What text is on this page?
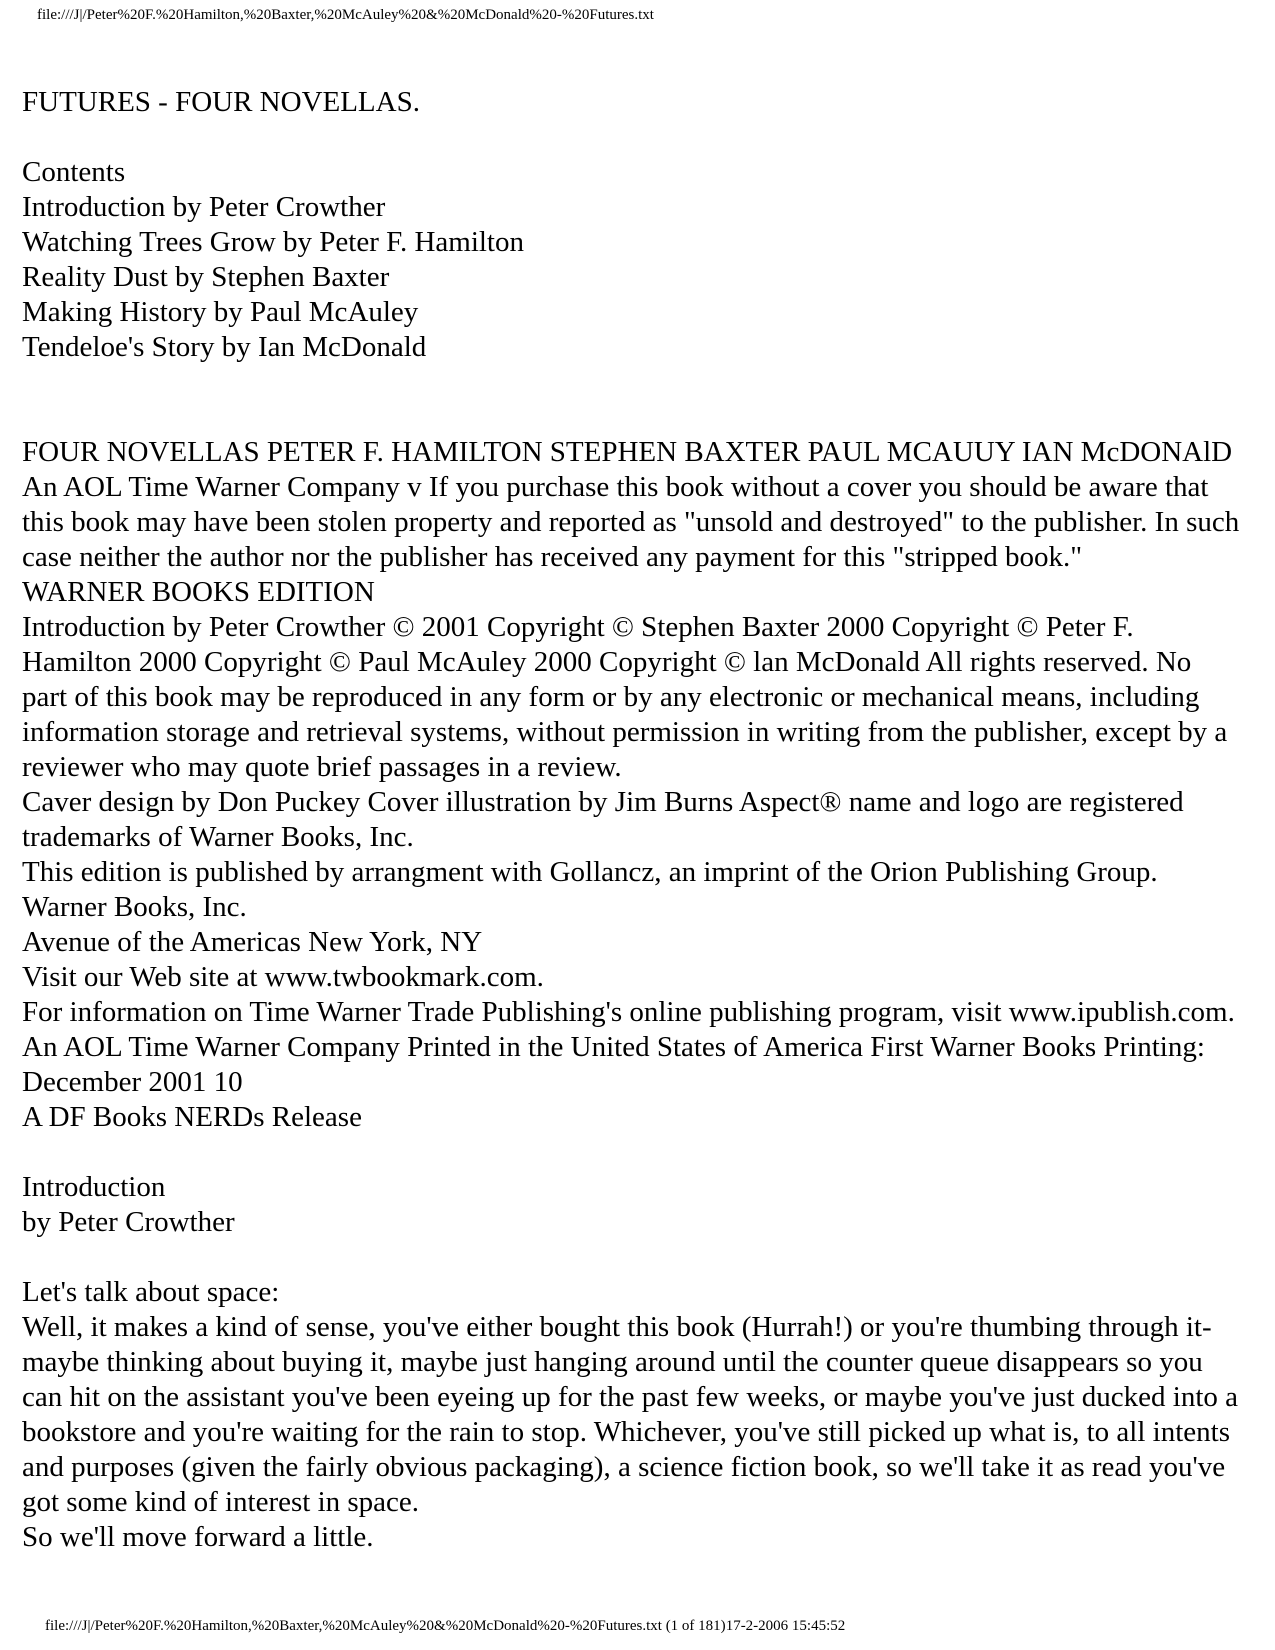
file:///J|/Peter%20F.%20Hamilton,%20Baxter,%20McAuley%20&%20McDonald%20-%20Futures.txt
FUTURES - FOUR NOVELLAS.
Contents
Introduction by Peter Crowther
Watching Trees Grow by Peter F. Hamilton
Reality Dust by Stephen Baxter
Making History by Paul McAuley
Tendeloe's Story by Ian McDonald
FOUR NOVELLAS PETER F. HAMILTON STEPHEN BAXTER PAUL MCAUUY IAN McDONAlD
An AOL Time Warner Company v If you purchase this book without a cover you should be aware that
this book may have been stolen property and reported as "unsold and destroyed" to the publisher. In such
case neither the author nor the publisher has received any payment for this "stripped book."
WARNER BOOKS EDITION
Introduction by Peter Crowther © 2001 Copyright © Stephen Baxter 2000 Copyright © Peter F.
Hamilton 2000 Copyright © Paul McAuley 2000 Copyright © lan McDonald All rights reserved. No
part of this book may be reproduced in any form or by any electronic or mechanical means, including
information storage and retrieval systems, without permission in writing from the publisher, except by a
reviewer who may quote brief passages in a review.
Caver design by Don Puckey Cover illustration by Jim Burns Aspect® name and logo are registered
trademarks of Warner Books, Inc.
This edition is published by arrangment with Gollancz, an imprint of the Orion Publishing Group.
Warner Books, Inc.
Avenue of the Americas New York, NY
Visit our Web site at www.twbookmark.com.
For information on Time Warner Trade Publishing's online publishing program, visit www.ipublish.com.
An AOL Time Warner Company Printed in the United States of America First Warner Books Printing:
December 2001 10
A DF Books NERDs Release
Introduction
by Peter Crowther
Let's talk about space:
Well, it makes a kind of sense, you've either bought this book (Hurrah!) or you're thumbing through it-
maybe thinking about buying it, maybe just hanging around until the counter queue disappears so you
can hit on the assistant you've been eyeing up for the past few weeks, or maybe you've just ducked into a
bookstore and you're waiting for the rain to stop. Whichever, you've still picked up what is, to all intents
and purposes (given the fairly obvious packaging), a science fiction book, so we'll take it as read you've
got some kind of interest in space.
So we'll move forward a little.
file:///J|/Peter%20F.%20Hamilton,%20Baxter,%20McAuley%20&%20McDonald%20-%20Futures.txt (1 of 181)17-2-2006 15:45:52
